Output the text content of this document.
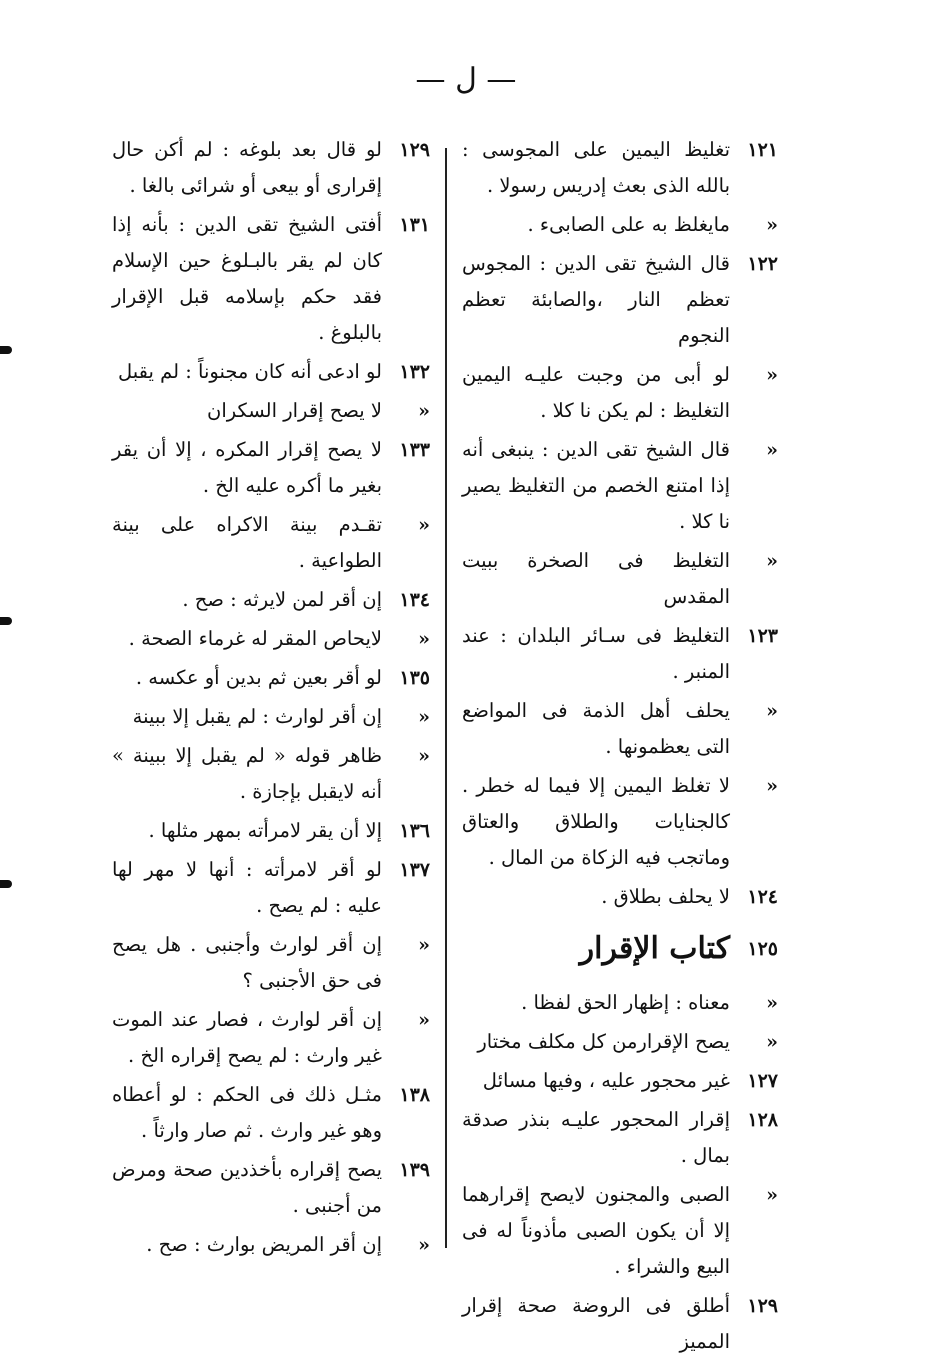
— ل —
١٢١
تغليظ اليمين على المجوسى : بالله الذى بعث إدريس رسولا .
«
مايغلظ به على الصابىء .
١٢٢
قال الشيخ تقى الدين : المجوس تعظم النار ،والصابئة تعظم النجوم
«
لو أبى من وجبت عليـه اليمين التغليظ : لم يكن نا كلا .
«
قال الشيخ تقى الدين : ينبغى أنه إذا امتنع الخصم من التغليظ يصير نا كلا .
«
التغليظ فى الصخرة ببيت المقدس
١٢٣
التغليظ فى سـائر البلدان : عند المنبر .
«
يحلف أهل الذمة فى المواضع التى يعظمونها .
«
لا تغلظ اليمين إلا فيما له خطر . كالجنايات والطلاق والعتاق وماتجب فيه الزكاة من المال .
١٢٤
لا يحلف بطلاق .
١٢٥
كتاب الإقرار
«
معناه : إظهار الحق لفظا .
«
يصح الإقرارمن كل مكلف مختار
١٢٧
غير محجور عليه ، وفيها مسائل
١٢٨
إقرار المحجور عليـه بنذر صدقة بمال .
«
الصبى والمجنون لايصح إقرارهما إلا أن يكون الصبى مأذوناً له فى البيع والشراء .
١٢٩
أطلق فى الروضة صحة إقرار المميز
١٢٩
لو قال بعد بلوغه : لم أكن حال إقرارى أو بيعى أو شرائى بالغا .
١٣١
أفتى الشيخ تقى الدين : بأنه إذا كان لم يقر بالبـلوغ حين الإسلام فقد حكم بإسلامه قبل الإقرار بالبلوغ .
١٣٢
لو ادعى أنه كان مجنوناً : لم يقبل
«
لا يصح إقرار السكران
١٣٣
لا يصح إقرار المكره ، إلا أن يقر بغير ما أكره عليه الخ .
«
تقـدم بينة الاكراه على بينة الطواعية .
١٣٤
إن أقر لمن لايرثه : صح .
«
لايحاص المقر له غرماء الصحة .
١٣٥
لو أقر بعين ثم بدين أو عكسه .
«
إن أقر لوارث : لم يقبل إلا ببينة
«
ظاهر قوله « لم يقبل إلا ببينة » أنه لايقبل بإجازة .
١٣٦
إلا أن يقر لامرأته بمهر مثلها .
١٣٧
لو أقر لامرأته : أنها لا مهر لها عليه : لم يصح .
«
إن أقر لوارث وأجنبى . هل يصح فى حق الأجنبى ؟
«
إن أقر لوارث ، فصار عند الموت غير وارث : لم يصح إقراره الخ .
١٣٨
مثـل ذلك فى الحكم : لو أعطاه وهو غير وارث . ثم صار وارثاً .
١٣٩
يصح إقراره بأخذدين صحة ومرض من أجنبى .
«
إن أقر المريض بوارث : صح .
